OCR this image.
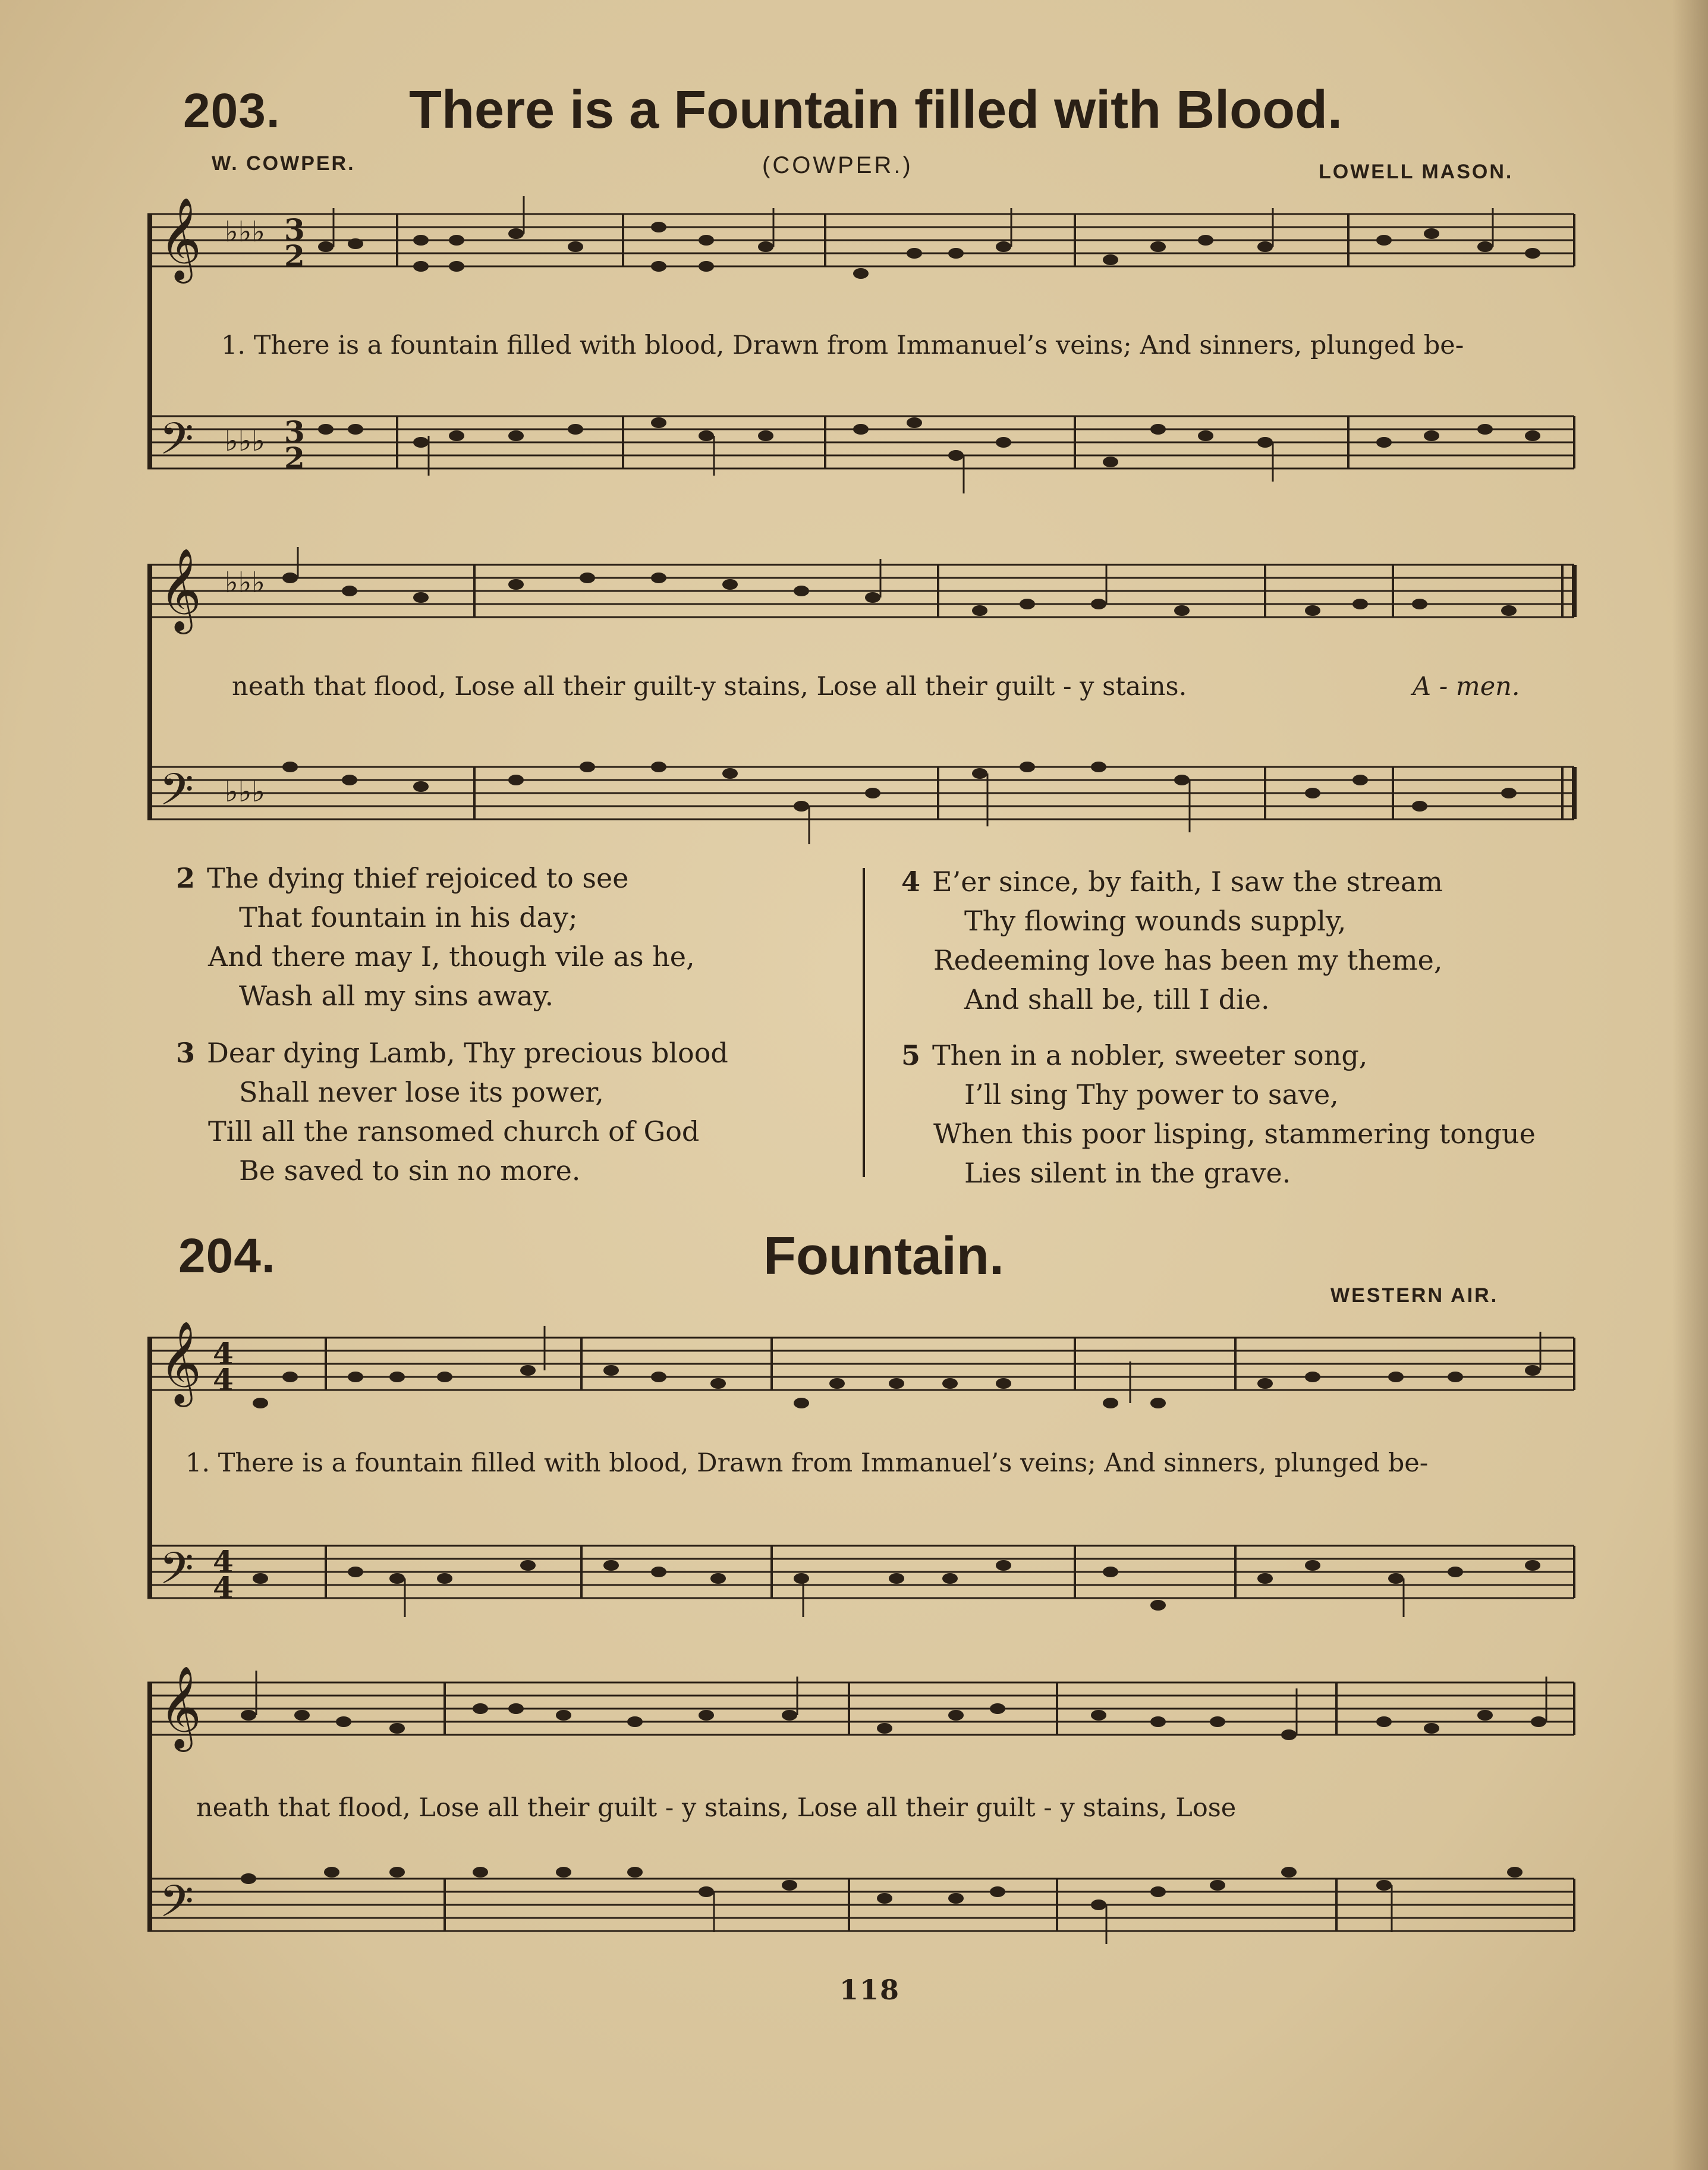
203. There is a Fountain filled with Blood.
W. COWPER.	(COWPER.)	LOWELL MASON.
𝄞
𝄢
♭♭♭
♭♭♭
3
2
3
2
1. There is a fountain filled with blood, Drawn from Immanuel’s veins; And sinners, plunged be-
𝄞
𝄢
♭♭♭
♭♭♭
neath that flood, Lose all their guilt-y stains, Lose all their guilt - y stains.	A - men.
2 The dying thief rejoiced to see
That fountain in his day;
And there may I, though vile as he,
Wash all my sins away.
3 Dear dying Lamb, Thy precious blood
Shall never lose its power,
Till all the ransomed church of God
Be saved to sin no more.
4 E’er since, by faith, I saw the stream
Thy flowing wounds supply,
Redeeming love has been my theme,
And shall be, till I die.
5 Then in a nobler, sweeter song,
I’ll sing Thy power to save,
When this poor lisping, stammering tongue
Lies silent in the grave.
204.	Fountain.
WESTERN AIR.
𝄞
𝄢
4
4
4
4
1. There is a fountain filled with blood, Drawn from Immanuel’s veins; And sinners, plunged be-
𝄞
𝄢
neath that flood, Lose all their guilt - y stains, Lose all their guilt - y stains, Lose
118
